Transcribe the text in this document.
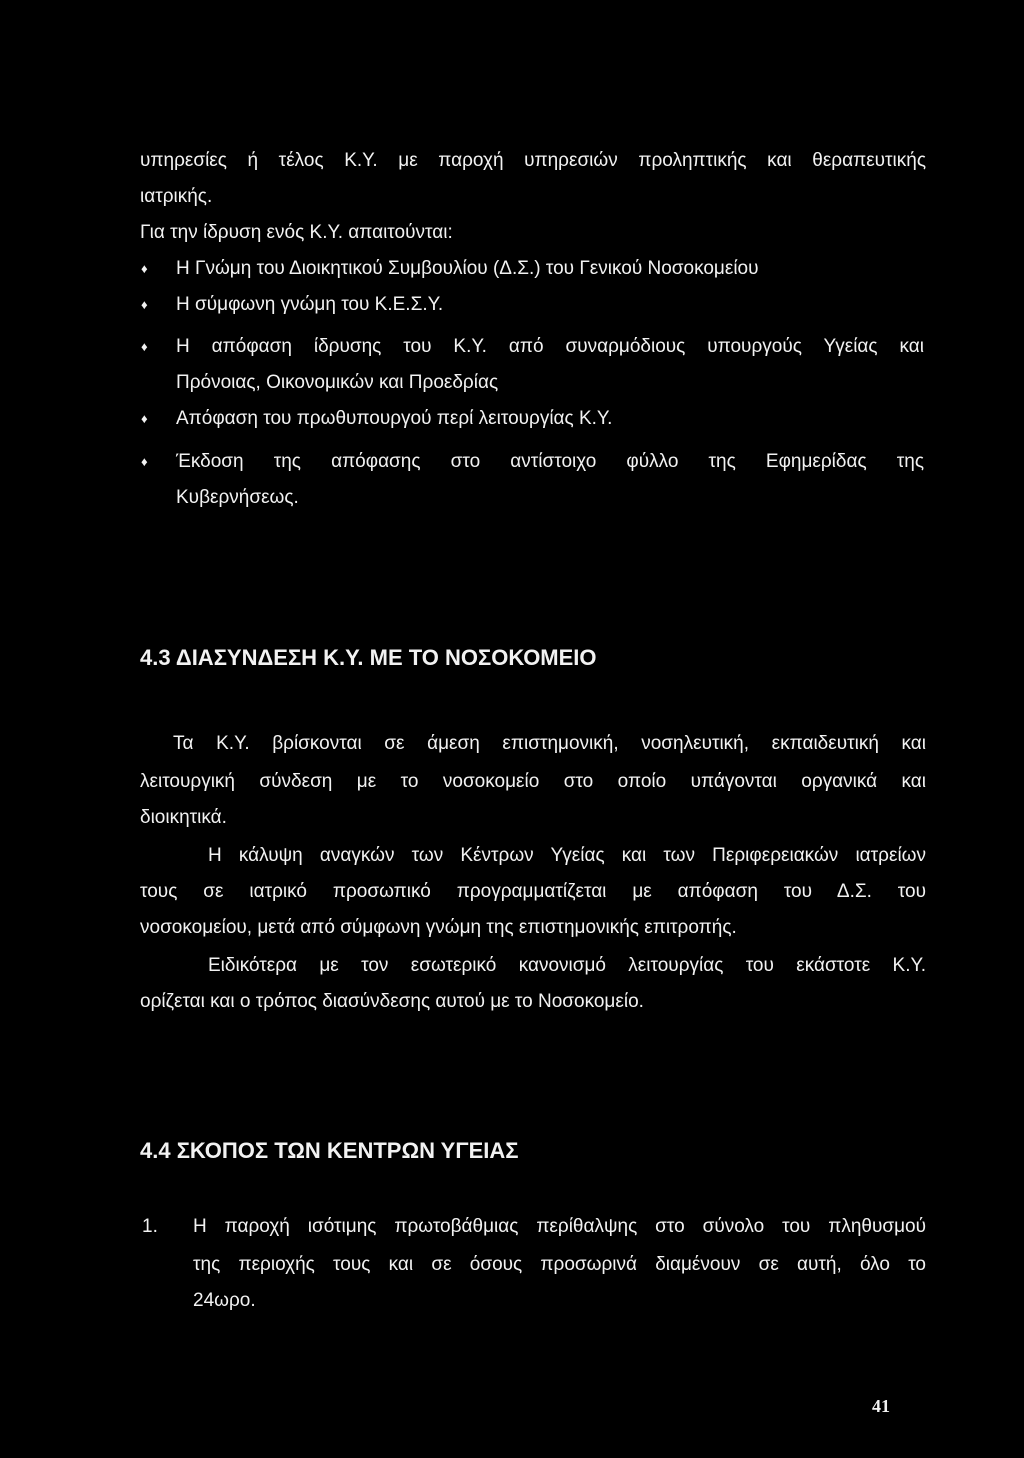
υπηρεσίες ή τέλος Κ.Υ. με παροχή υπηρεσιών προληπτικής και θεραπευτικής
ιατρικής.
Για την ίδρυση ενός Κ.Υ. απαιτούνται:
♦ Η Γνώμη του Διοικητικού Συμβουλίου (Δ.Σ.) του Γενικού Νοσοκομείου
♦ Η σύμφωνη γνώμη του Κ.Ε.Σ.Υ.
♦ Η απόφαση ίδρυσης του Κ.Υ. από συναρμόδιους υπουργούς Υγείας και
Πρόνοιας, Οικονομικών και Προεδρίας
♦ Απόφαση του πρωθυπουργού περί λειτουργίας Κ.Υ.
♦ Έκδοση της απόφασης στο αντίστοιχο φύλλο της Εφημερίδας της
Κυβερνήσεως.
4.3 ΔΙΑΣΥΝΔΕΣΗ Κ.Υ. ΜΕ ΤΟ ΝΟΣΟΚΟΜΕΙΟ
Τα Κ.Υ. βρίσκονται σε άμεση επιστημονική, νοσηλευτική, εκπαιδευτική και
λειτουργική σύνδεση με το νοσοκομείο στο οποίο υπάγονται οργανικά και
διοικητικά.
Η κάλυψη αναγκών των Κέντρων Υγείας και των Περιφερειακών ιατρείων
τους σε ιατρικό προσωπικό προγραμματίζεται με απόφαση του Δ.Σ. του
νοσοκομείου, μετά από σύμφωνη γνώμη της επιστημονικής επιτροπής.
Ειδικότερα με τον εσωτερικό κανονισμό λειτουργίας του εκάστοτε Κ.Υ.
ορίζεται και ο τρόπος διασύνδεσης αυτού με το Νοσοκομείο.
4.4 ΣΚΟΠΟΣ ΤΩΝ ΚΕΝΤΡΩΝ ΥΓΕΙΑΣ
1. Η παροχή ισότιμης πρωτοβάθμιας περίθαλψης στο σύνολο του πληθυσμού
της περιοχής τους και σε όσους προσωρινά διαμένουν σε αυτή, όλο το
24ωρο.
41
